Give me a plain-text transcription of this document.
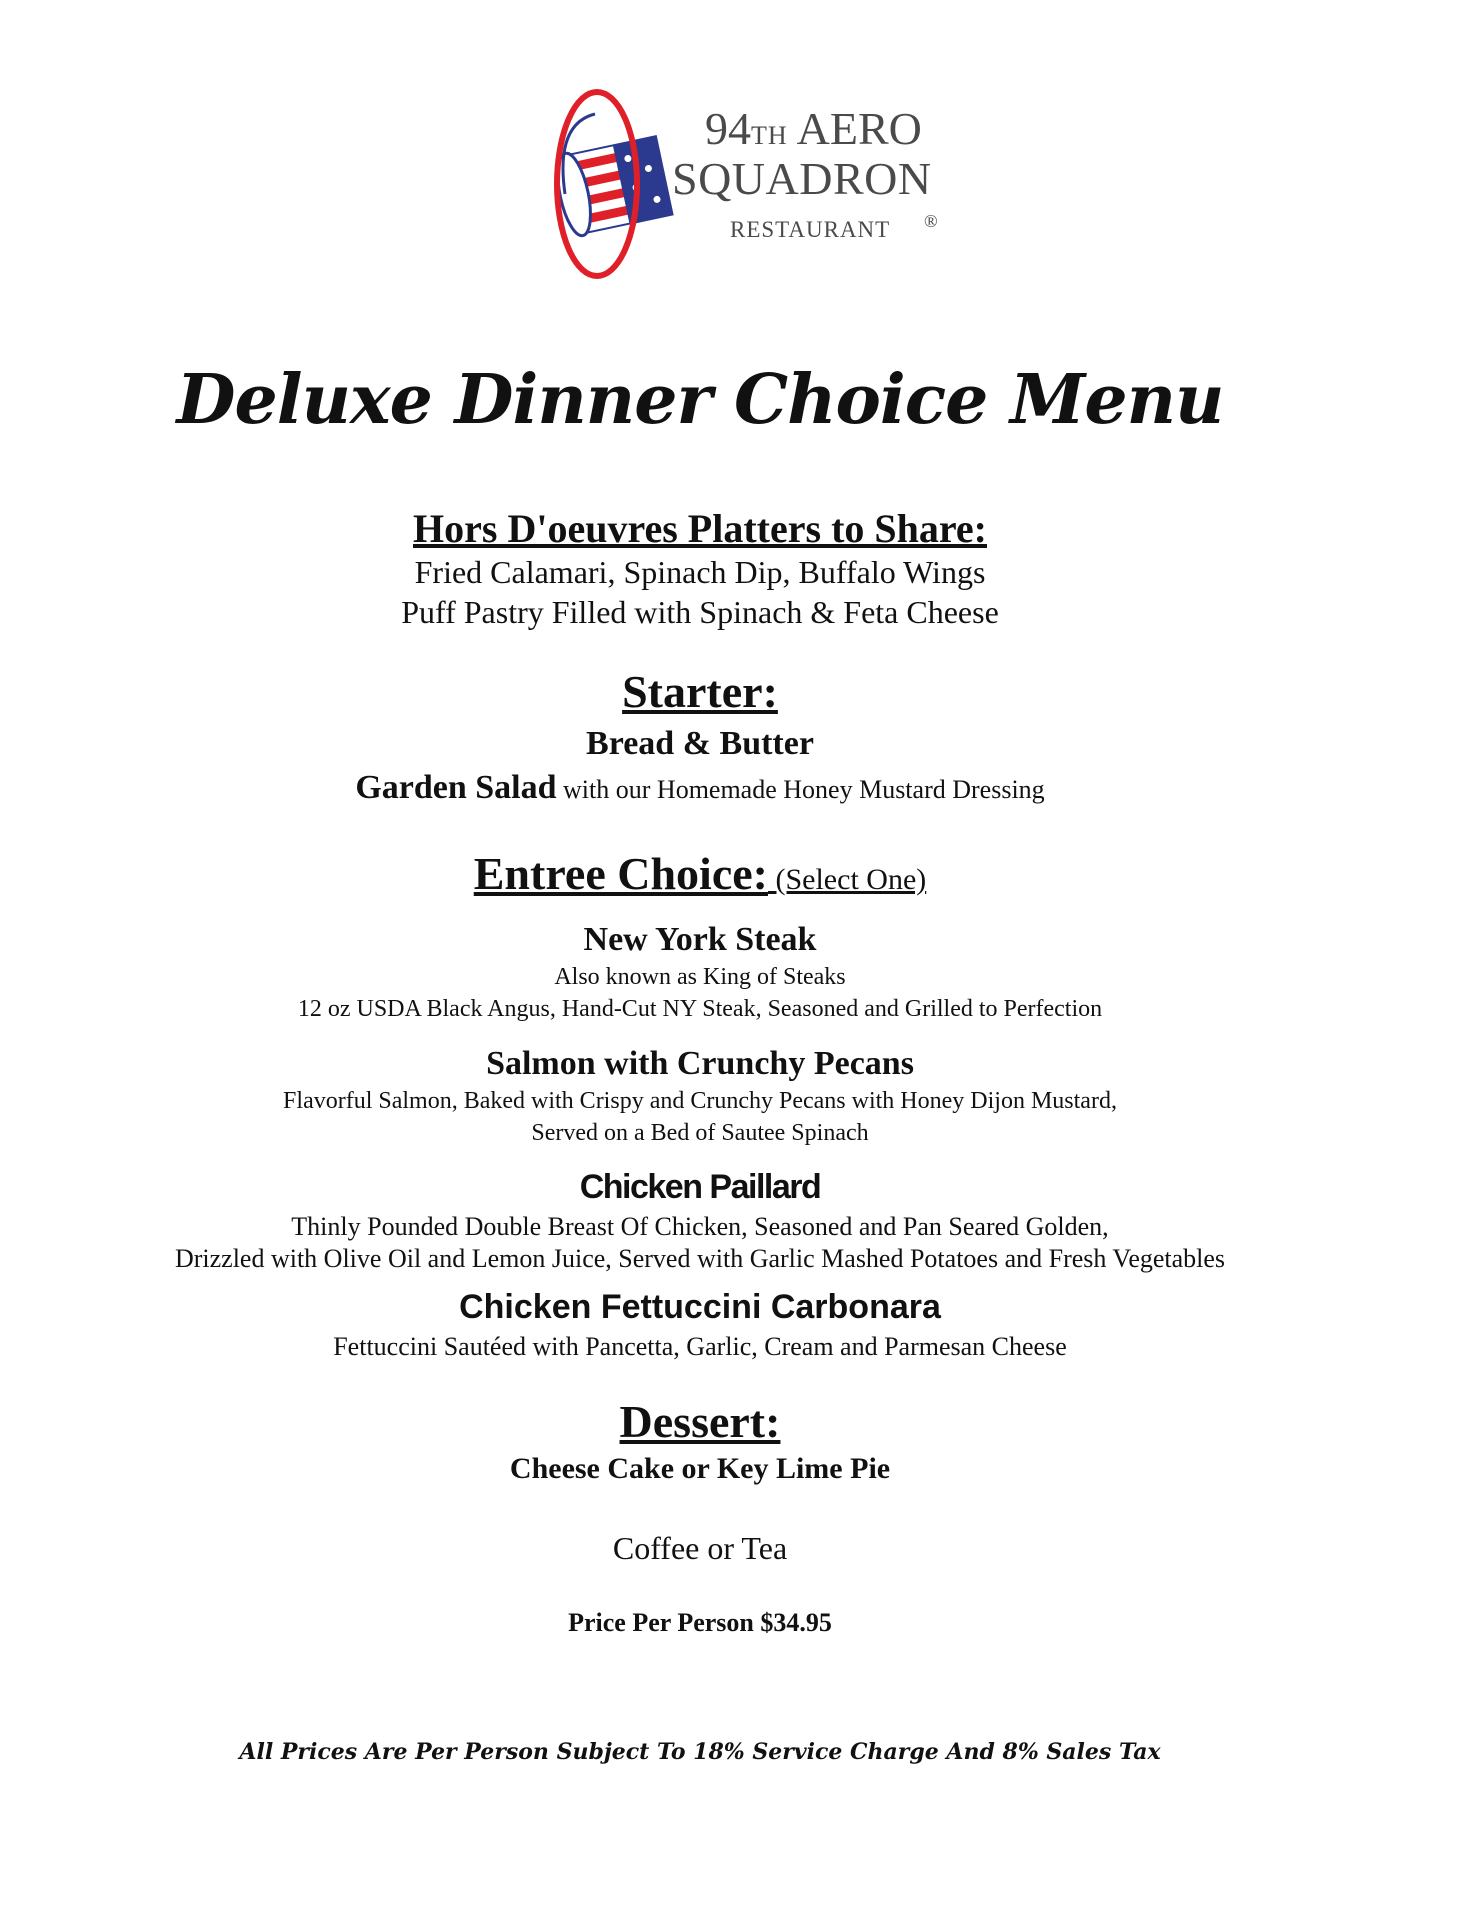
94TH AERO
SQUADRON
RESTAURANT ®
Deluxe Dinner Choice Menu
Hors D'oeuvres Platters to Share:
Fried Calamari, Spinach Dip, Buffalo Wings
Puff Pastry Filled with Spinach & Feta Cheese
Starter:
Bread & Butter
Garden Salad with our Homemade Honey Mustard Dressing
Entree Choice: (Select One)
New York Steak
Also known as King of Steaks
12 oz USDA Black Angus, Hand-Cut NY Steak, Seasoned and Grilled to Perfection
Salmon with Crunchy Pecans
Flavorful Salmon, Baked with Crispy and Crunchy Pecans with Honey Dijon Mustard,
Served on a Bed of Sautee Spinach
Chicken Paillard
Thinly Pounded Double Breast Of Chicken, Seasoned and Pan Seared Golden,
Drizzled with Olive Oil and Lemon Juice, Served with Garlic Mashed Potatoes and Fresh Vegetables
Chicken Fettuccini Carbonara
Fettuccini Sautéed with Pancetta, Garlic, Cream and Parmesan Cheese
Dessert:
Cheese Cake or Key Lime Pie
Coffee or Tea
Price Per Person $34.95
All Prices Are Per Person Subject To 18% Service Charge And 8% Sales Tax
